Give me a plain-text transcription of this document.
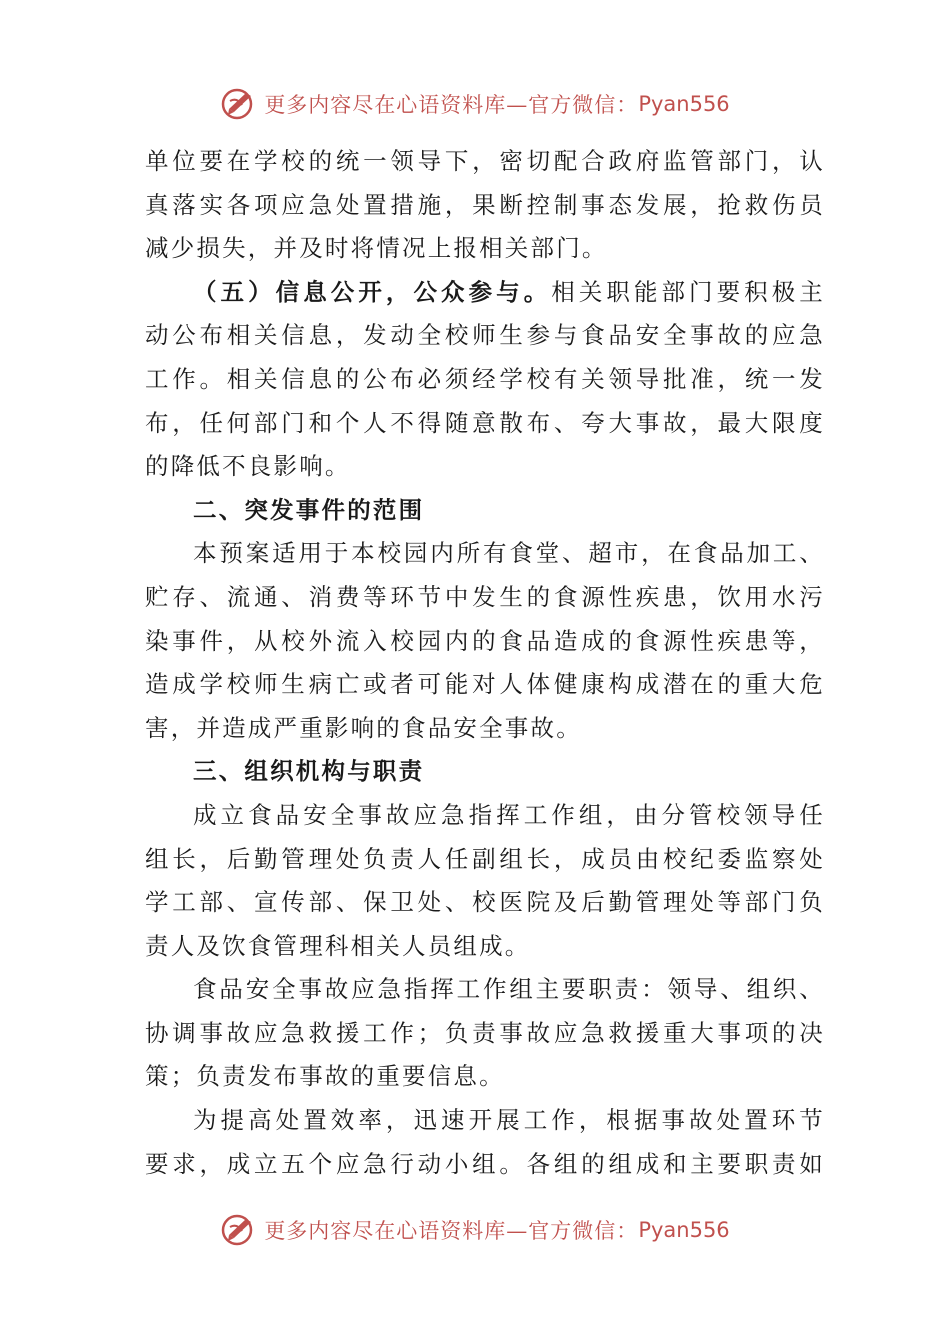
更多内容尽在心语资料库—官方微信： Pyan556
单位要在学校的统一领导下，密切配合政府监管部门，认
真落实各项应急处置措施，果断控制事态发展，抢救伤员
减少损失，并及时将情况上报相关部门。
（五）信息公开，公众参与。相关职能部门要积极主
动公布相关信息，发动全校师生参与食品安全事故的应急
工作。相关信息的公布必须经学校有关领导批准，统一发
布，任何部门和个人不得随意散布、夸大事故，最大限度
的降低不良影响。
二、突发事件的范围
本预案适用于本校园内所有食堂、超市，在食品加工、
贮存、流通、消费等环节中发生的食源性疾患，饮用水污
染事件，从校外流入校园内的食品造成的食源性疾患等，
造成学校师生病亡或者可能对人体健康构成潜在的重大危
害，并造成严重影响的食品安全事故。
三、组织机构与职责
成立食品安全事故应急指挥工作组，由分管校领导任
组长，后勤管理处负责人任副组长，成员由校纪委监察处
学工部、宣传部、保卫处、校医院及后勤管理处等部门负
责人及饮食管理科相关人员组成。
食品安全事故应急指挥工作组主要职责：领导、组织、
协调事故应急救援工作；负责事故应急救援重大事项的决
策；负责发布事故的重要信息。
为提高处置效率，迅速开展工作，根据事故处置环节
要求，成立五个应急行动小组。各组的组成和主要职责如
更多内容尽在心语资料库—官方微信： Pyan556
